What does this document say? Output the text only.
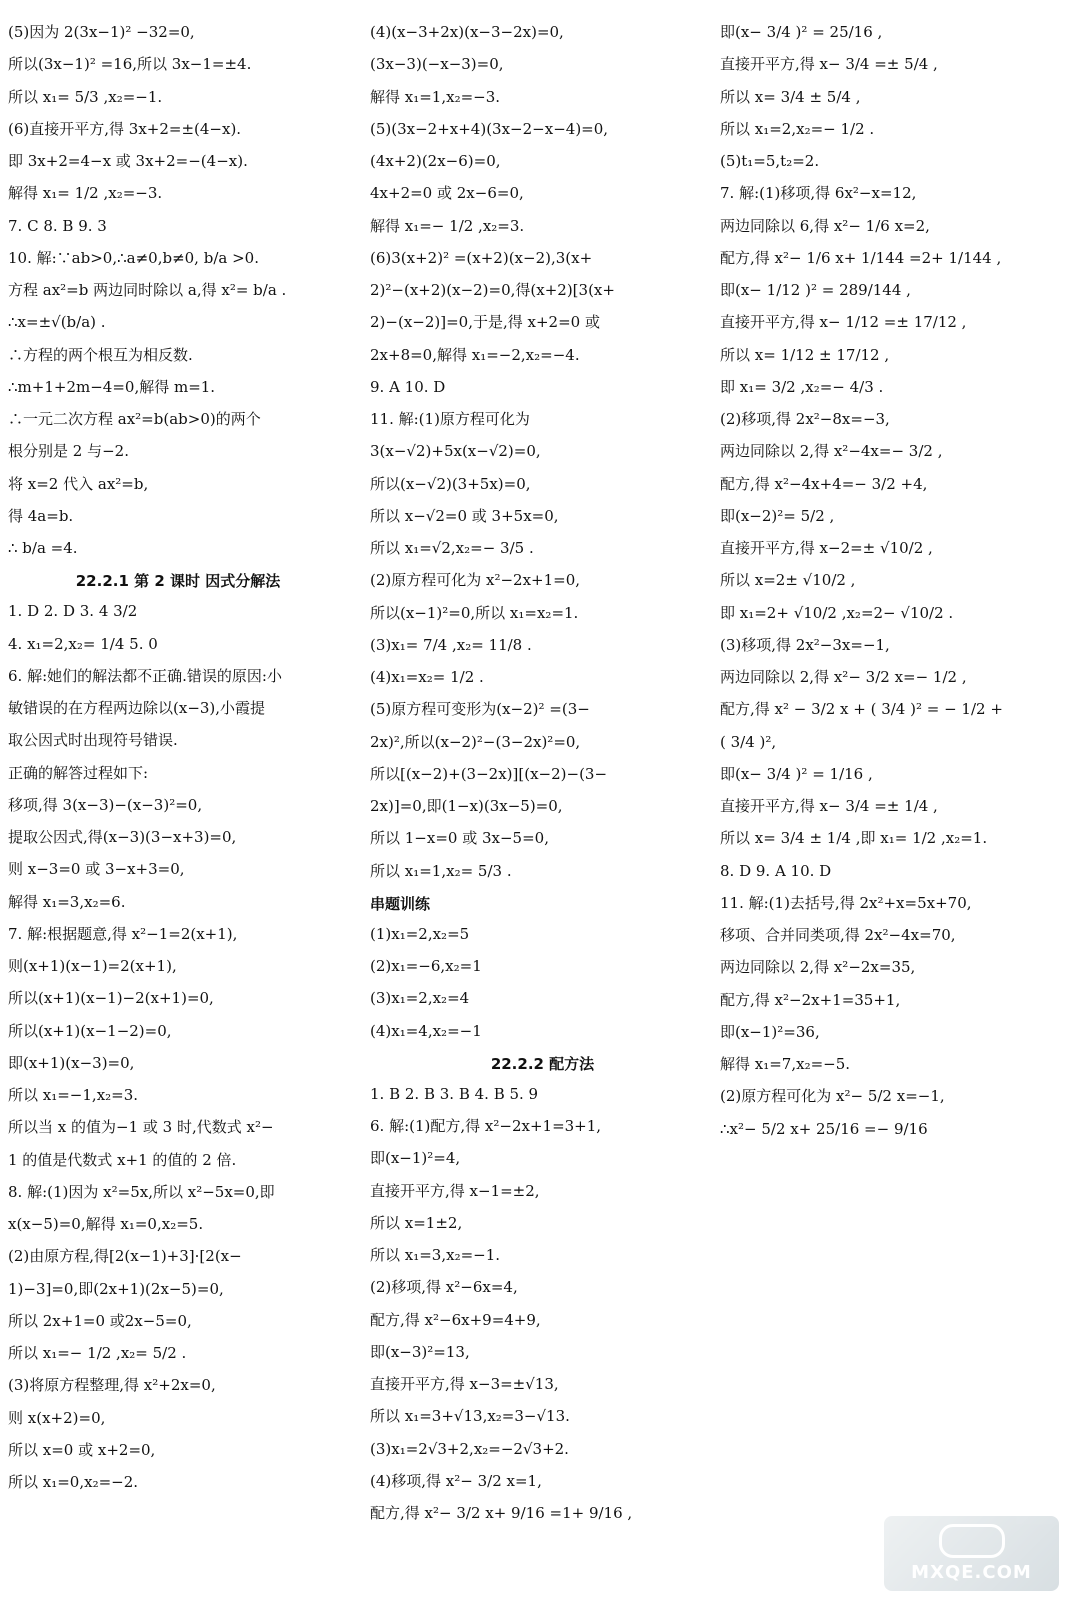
(5)因为 2(3x−1)² −32=0,
所以(3x−1)² =16,所以 3x−1=±4.
所以 x₁= 5/3 ,x₂=−1.
(6)直接开平方,得 3x+2=±(4−x).
即 3x+2=4−x 或 3x+2=−(4−x).
解得 x₁= 1/2 ,x₂=−3.
7. C 8. B 9. 3
10. 解:∵ab>0,∴a≠0,b≠0, b/a >0.
方程 ax²=b 两边同时除以 a,得 x²= b/a .
∴x=±√(b/a) .
∴方程的两个根互为相反数.
∴m+1+2m−4=0,解得 m=1.
∴一元二次方程 ax²=b(ab>0)的两个
根分别是 2 与−2.
将 x=2 代入 ax²=b,
得 4a=b.
∴ b/a =4.
22.2.1 第 2 课时 因式分解法
1. D 2. D 3. 4 3/2
4. x₁=2,x₂= 1/4 5. 0
6. 解:她们的解法都不正确.错误的原因:小
敏错误的在方程两边除以(x−3),小霞提
取公因式时出现符号错误.
正确的解答过程如下:
移项,得 3(x−3)−(x−3)²=0,
提取公因式,得(x−3)(3−x+3)=0,
则 x−3=0 或 3−x+3=0,
解得 x₁=3,x₂=6.
7. 解:根据题意,得 x²−1=2(x+1),
则(x+1)(x−1)=2(x+1),
所以(x+1)(x−1)−2(x+1)=0,
所以(x+1)(x−1−2)=0,
即(x+1)(x−3)=0,
所以 x₁=−1,x₂=3.
所以当 x 的值为−1 或 3 时,代数式 x²−
1 的值是代数式 x+1 的值的 2 倍.
8. 解:(1)因为 x²=5x,所以 x²−5x=0,即
x(x−5)=0,解得 x₁=0,x₂=5.
(2)由原方程,得[2(x−1)+3]·[2(x−
1)−3]=0,即(2x+1)(2x−5)=0,
所以 2x+1=0 或2x−5=0,
所以 x₁=− 1/2 ,x₂= 5/2 .
(3)将原方程整理,得 x²+2x=0,
则 x(x+2)=0,
所以 x=0 或 x+2=0,
所以 x₁=0,x₂=−2.
(4)(x−3+2x)(x−3−2x)=0,
(3x−3)(−x−3)=0,
解得 x₁=1,x₂=−3.
(5)(3x−2+x+4)(3x−2−x−4)=0,
(4x+2)(2x−6)=0,
4x+2=0 或 2x−6=0,
解得 x₁=− 1/2 ,x₂=3.
(6)3(x+2)² =(x+2)(x−2),3(x+
2)²−(x+2)(x−2)=0,得(x+2)[3(x+
2)−(x−2)]=0,于是,得 x+2=0 或
2x+8=0,解得 x₁=−2,x₂=−4.
9. A 10. D
11. 解:(1)原方程可化为
3(x−√2)+5x(x−√2)=0,
所以(x−√2)(3+5x)=0,
所以 x−√2=0 或 3+5x=0,
所以 x₁=√2,x₂=− 3/5 .
(2)原方程可化为 x²−2x+1=0,
所以(x−1)²=0,所以 x₁=x₂=1.
(3)x₁= 7/4 ,x₂= 11/8 .
(4)x₁=x₂= 1/2 .
(5)原方程可变形为(x−2)² =(3−
2x)²,所以(x−2)²−(3−2x)²=0,
所以[(x−2)+(3−2x)][(x−2)−(3−
2x)]=0,即(1−x)(3x−5)=0,
所以 1−x=0 或 3x−5=0,
所以 x₁=1,x₂= 5/3 .
串题训练
(1)x₁=2,x₂=5
(2)x₁=−6,x₂=1
(3)x₁=2,x₂=4
(4)x₁=4,x₂=−1
22.2.2 配方法
1. B 2. B 3. B 4. B 5. 9
6. 解:(1)配方,得 x²−2x+1=3+1,
即(x−1)²=4,
直接开平方,得 x−1=±2,
所以 x=1±2,
所以 x₁=3,x₂=−1.
(2)移项,得 x²−6x=4,
配方,得 x²−6x+9=4+9,
即(x−3)²=13,
直接开平方,得 x−3=±√13,
所以 x₁=3+√13,x₂=3−√13.
(3)x₁=2√3+2,x₂=−2√3+2.
(4)移项,得 x²− 3/2 x=1,
配方,得 x²− 3/2 x+ 9/16 =1+ 9/16 ,
即(x− 3/4 )² = 25/16 ,
直接开平方,得 x− 3/4 =± 5/4 ,
所以 x= 3/4 ± 5/4 ,
所以 x₁=2,x₂=− 1/2 .
(5)t₁=5,t₂=2.
7. 解:(1)移项,得 6x²−x=12,
两边同除以 6,得 x²− 1/6 x=2,
配方,得 x²− 1/6 x+ 1/144 =2+ 1/144 ,
即(x− 1/12 )² = 289/144 ,
直接开平方,得 x− 1/12 =± 17/12 ,
所以 x= 1/12 ± 17/12 ,
即 x₁= 3/2 ,x₂=− 4/3 .
(2)移项,得 2x²−8x=−3,
两边同除以 2,得 x²−4x=− 3/2 ,
配方,得 x²−4x+4=− 3/2 +4,
即(x−2)²= 5/2 ,
直接开平方,得 x−2=± √10/2 ,
所以 x=2± √10/2 ,
即 x₁=2+ √10/2 ,x₂=2− √10/2 .
(3)移项,得 2x²−3x=−1,
两边同除以 2,得 x²− 3/2 x=− 1/2 ,
配方,得 x² − 3/2 x + ( 3/4 )² = − 1/2 +
( 3/4 )²,
即(x− 3/4 )² = 1/16 ,
直接开平方,得 x− 3/4 =± 1/4 ,
所以 x= 3/4 ± 1/4 ,即 x₁= 1/2 ,x₂=1.
8. D 9. A 10. D
11. 解:(1)去括号,得 2x²+x=5x+70,
移项、合并同类项,得 2x²−4x=70,
两边同除以 2,得 x²−2x=35,
配方,得 x²−2x+1=35+1,
即(x−1)²=36,
解得 x₁=7,x₂=−5.
(2)原方程可化为 x²− 5/2 x=−1,
∴x²− 5/2 x+ 25/16 =− 9/16
MXQE.COM
